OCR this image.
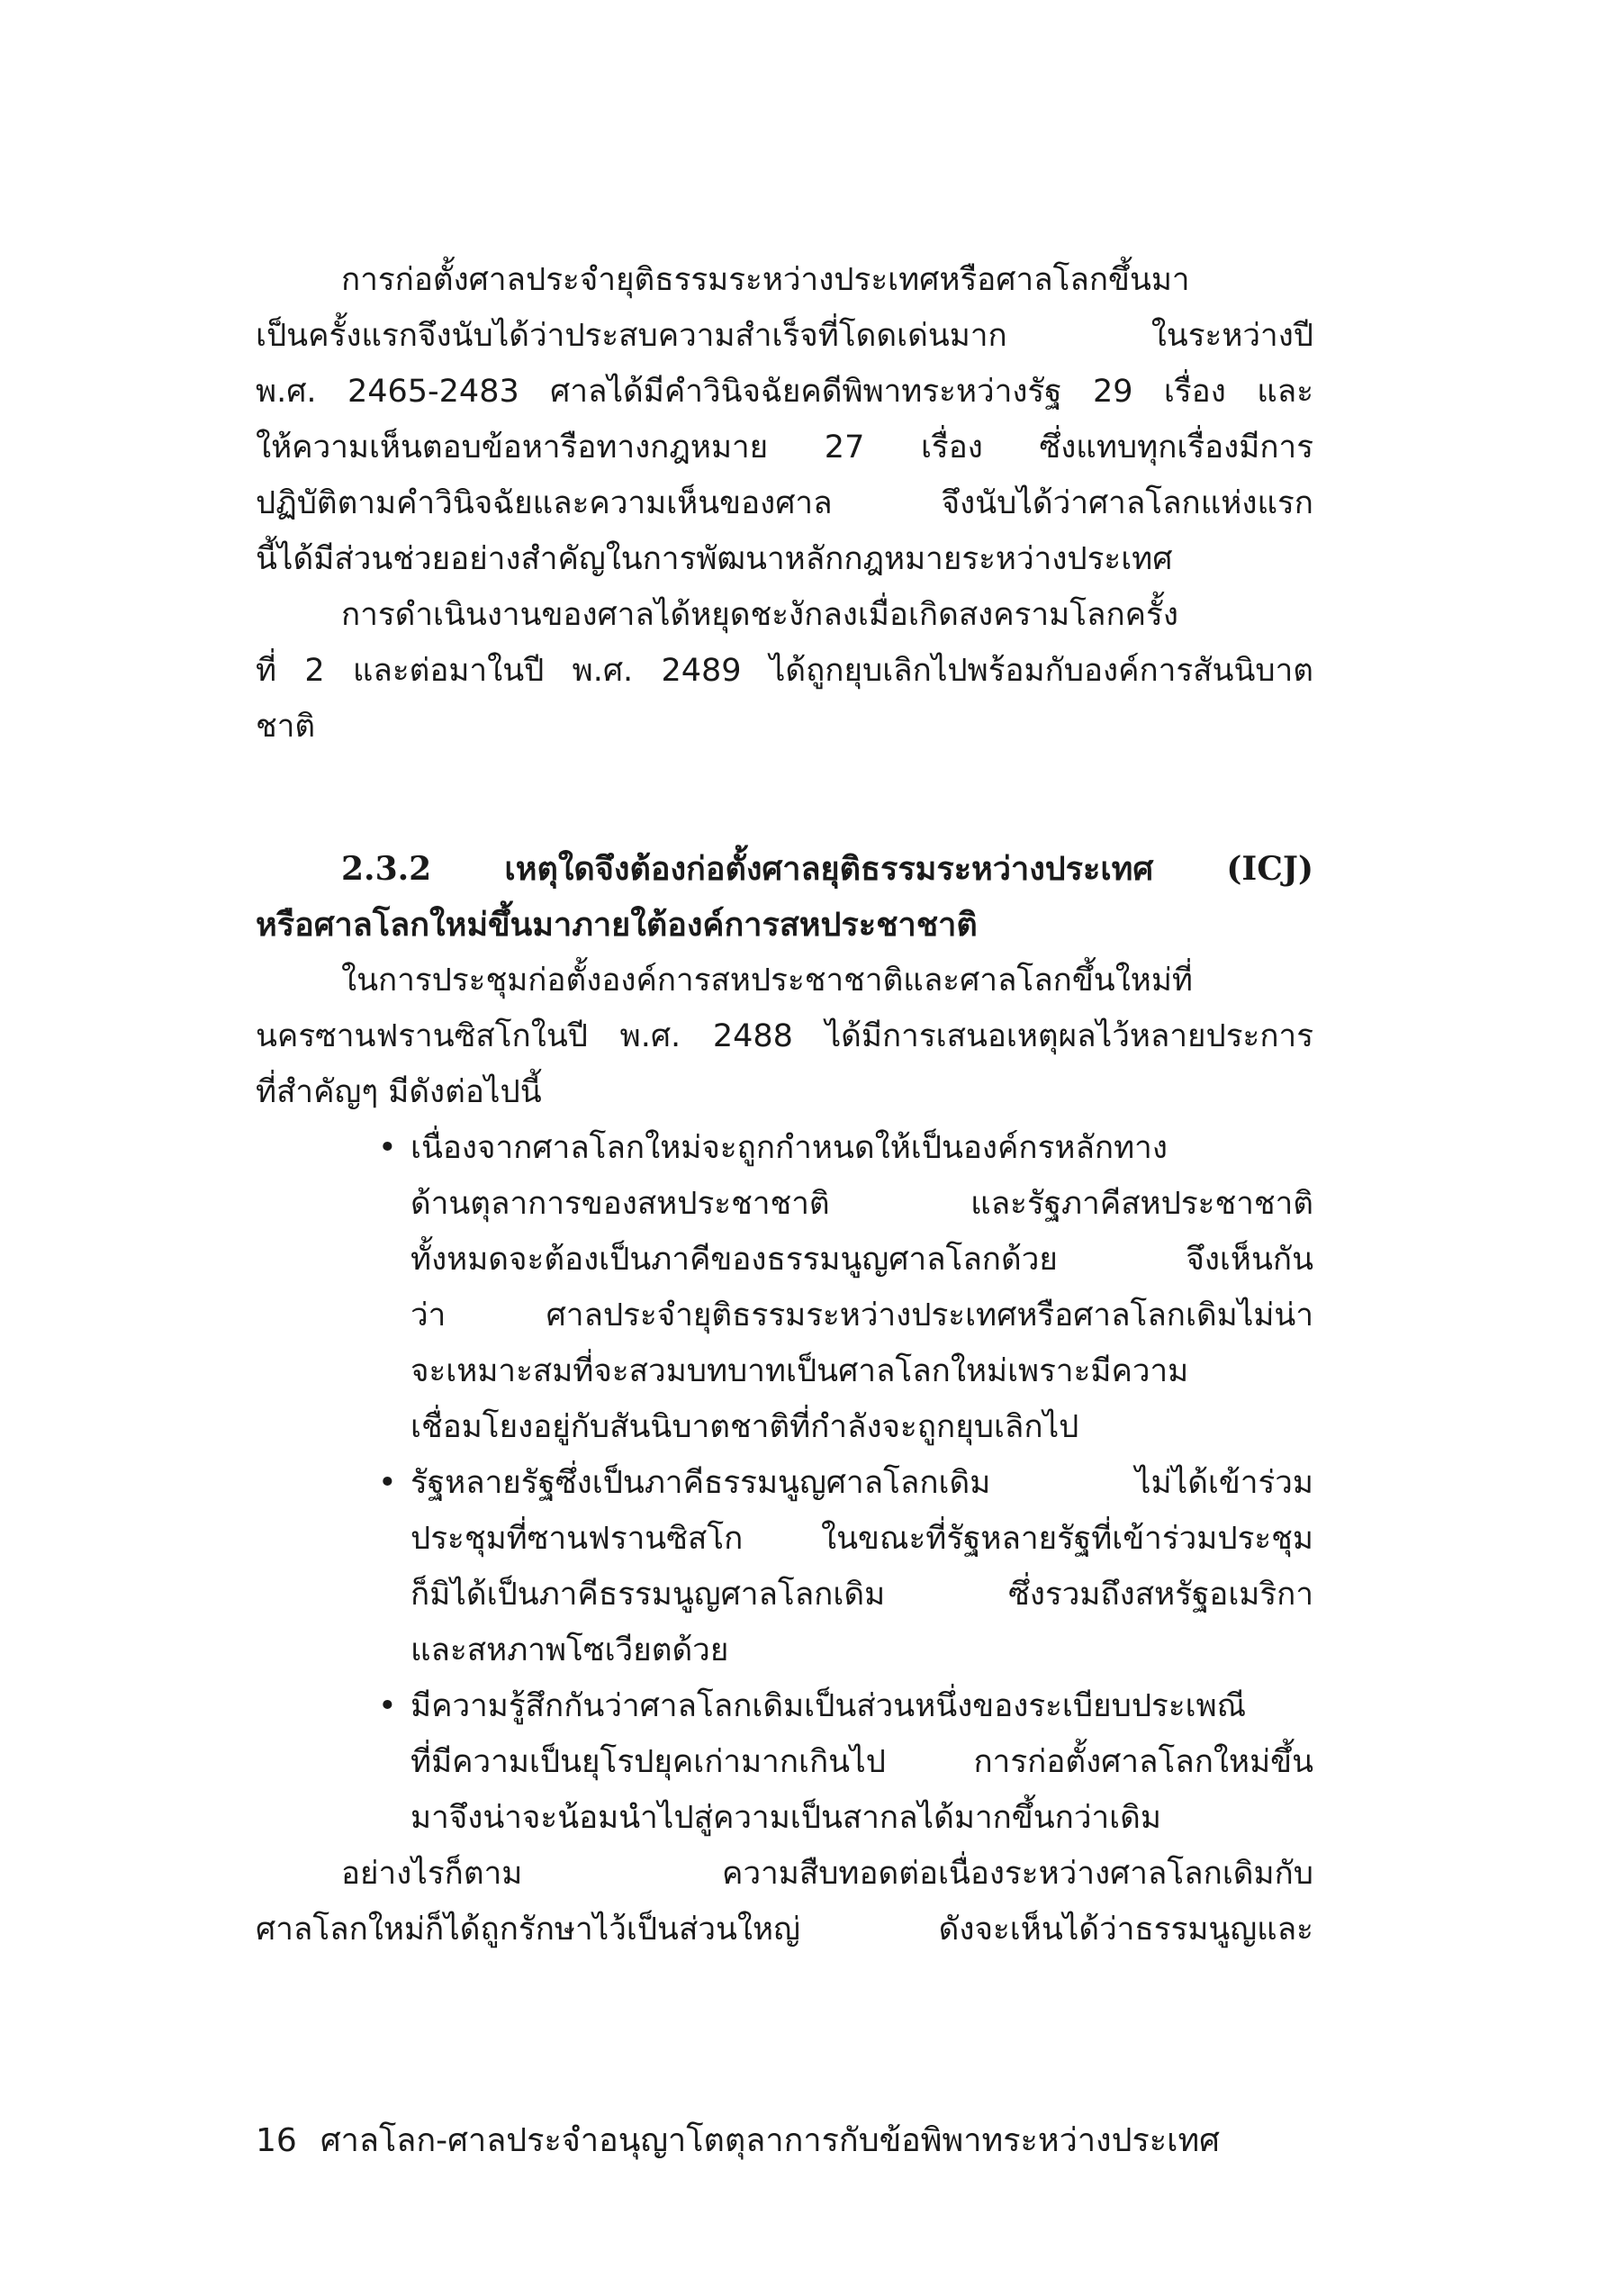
การก่อตั้งศาลประจำยุติธรรมระหว่างประเทศหรือศาลโลกขึ้นมา
เป็นครั้งแรกจึงนับได้ว่าประสบความสำเร็จที่โดดเด่นมาก ในระหว่างปี
พ.ศ. 2465-2483 ศาลได้มีคำวินิจฉัยคดีพิพาทระหว่างรัฐ 29 เรื่อง และ
ให้ความเห็นตอบข้อหารือทางกฎหมาย 27 เรื่อง ซึ่งแทบทุกเรื่องมีการ
ปฏิบัติตามคำวินิจฉัยและความเห็นของศาล จึงนับได้ว่าศาลโลกแห่งแรก
นี้ได้มีส่วนช่วยอย่างสำคัญในการพัฒนาหลักกฎหมายระหว่างประเทศ
การดำเนินงานของศาลได้หยุดชะงักลงเมื่อเกิดสงครามโลกครั้ง
ที่ 2 และต่อมาในปี พ.ศ. 2489 ได้ถูกยุบเลิกไปพร้อมกับองค์การสันนิบาต
ชาติ
2.3.2 เหตุใดจึงต้องก่อตั้งศาลยุติธรรมระหว่างประเทศ (ICJ)
หรือศาลโลกใหม่ขึ้นมาภายใต้องค์การสหประชาชาติ
ในการประชุมก่อตั้งองค์การสหประชาชาติและศาลโลกขึ้นใหม่ที่
นครซานฟรานซิสโกในปี พ.ศ. 2488 ได้มีการเสนอเหตุผลไว้หลายประการ
ที่สำคัญๆ มีดังต่อไปนี้
• เนื่องจากศาลโลกใหม่จะถูกกำหนดให้เป็นองค์กรหลักทาง
ด้านตุลาการของสหประชาชาติ และรัฐภาคีสหประชาชาติ
ทั้งหมดจะต้องเป็นภาคีของธรรมนูญศาลโลกด้วย จึงเห็นกัน
ว่า ศาลประจำยุติธรรมระหว่างประเทศหรือศาลโลกเดิมไม่น่า
จะเหมาะสมที่จะสวมบทบาทเป็นศาลโลกใหม่เพราะมีความ
เชื่อมโยงอยู่กับสันนิบาตชาติที่กำลังจะถูกยุบเลิกไป
• รัฐหลายรัฐซึ่งเป็นภาคีธรรมนูญศาลโลกเดิม ไม่ได้เข้าร่วม
ประชุมที่ซานฟรานซิสโก ในขณะที่รัฐหลายรัฐที่เข้าร่วมประชุม
ก็มิได้เป็นภาคีธรรมนูญศาลโลกเดิม ซึ่งรวมถึงสหรัฐอเมริกา
และสหภาพโซเวียตด้วย
• มีความรู้สึกกันว่าศาลโลกเดิมเป็นส่วนหนึ่งของระเบียบประเพณี
ที่มีความเป็นยุโรปยุคเก่ามากเกินไป การก่อตั้งศาลโลกใหม่ขึ้น
มาจึงน่าจะน้อมนำไปสู่ความเป็นสากลได้มากขึ้นกว่าเดิม
อย่างไรก็ตาม ความสืบทอดต่อเนื่องระหว่างศาลโลกเดิมกับ
ศาลโลกใหม่ก็ได้ถูกรักษาไว้เป็นส่วนใหญ่ ดังจะเห็นได้ว่าธรรมนูญและ
16 ศาลโลก-ศาลประจำอนุญาโตตุลาการกับข้อพิพาทระหว่างประเทศ
